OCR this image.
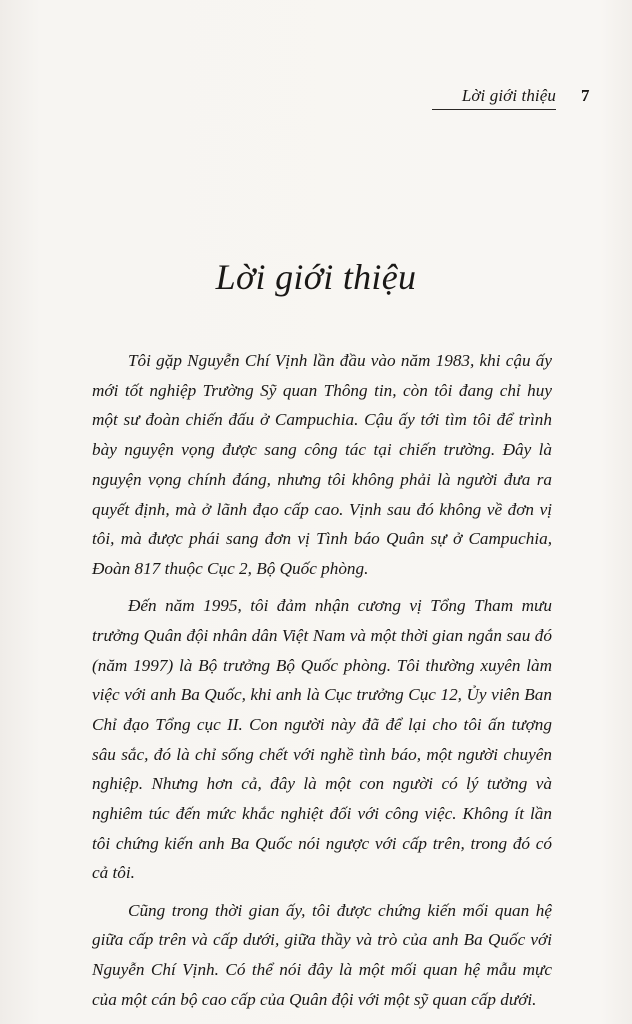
Lời giới thiệu 7
Lời giới thiệu

Tôi gặp Nguyễn Chí Vịnh lần đầu vào năm 1983, khi cậu ấy mới tốt nghiệp Trường Sỹ quan Thông tin, còn tôi đang chỉ huy một sư đoàn chiến đấu ở Campuchia. Cậu ấy tới tìm tôi để trình bày nguyện vọng được sang công tác tại chiến trường. Đây là nguyện vọng chính đáng, nhưng tôi không phải là người đưa ra quyết định, mà ở lãnh đạo cấp cao. Vịnh sau đó không về đơn vị tôi, mà được phái sang đơn vị Tình báo Quân sự ở Campuchia, Đoàn 817 thuộc Cục 2, Bộ Quốc phòng.

Đến năm 1995, tôi đảm nhận cương vị Tổng Tham mưu trưởng Quân đội nhân dân Việt Nam và một thời gian ngắn sau đó (năm 1997) là Bộ trưởng Bộ Quốc phòng. Tôi thường xuyên làm việc với anh Ba Quốc, khi anh là Cục trưởng Cục 12, Ủy viên Ban Chỉ đạo Tổng cục II. Con người này đã để lại cho tôi ấn tượng sâu sắc, đó là chỉ sống chết với nghề tình báo, một người chuyên nghiệp. Nhưng hơn cả, đây là một con người có lý tưởng và nghiêm túc đến mức khắc nghiệt đối với công việc. Không ít lần tôi chứng kiến anh Ba Quốc nói ngược với cấp trên, trong đó có cả tôi.

Cũng trong thời gian ấy, tôi được chứng kiến mối quan hệ giữa cấp trên và cấp dưới, giữa thầy và trò của anh Ba Quốc với Nguyễn Chí Vịnh. Có thể nói đây là một mối quan hệ mẫu mực của một cán bộ cao cấp của Quân đội với một sỹ quan cấp dưới.
